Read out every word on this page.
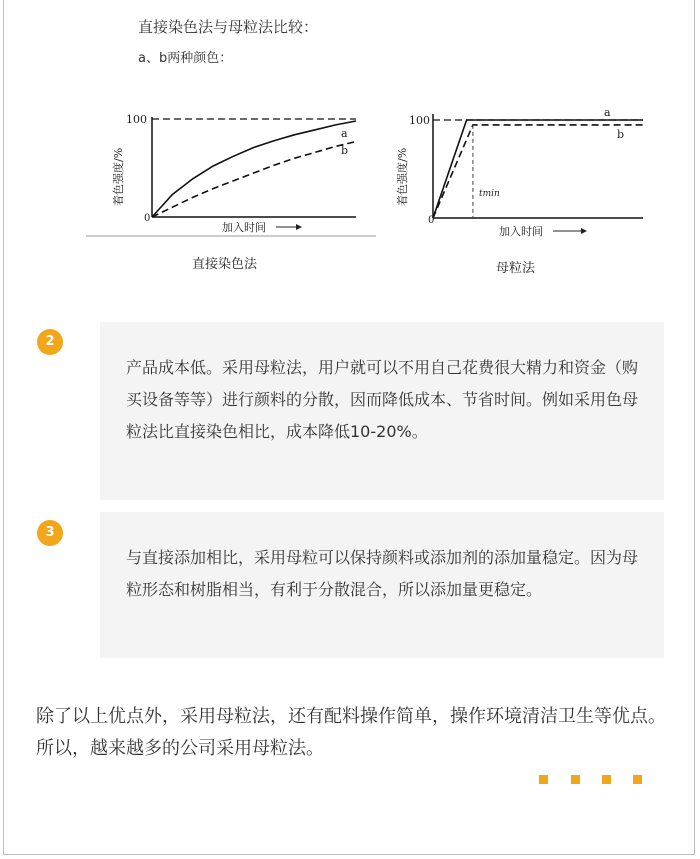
直接染色法与母粒法比较：
a、b两种颜色：
100
0
a
b
加入时间
着色强度/%
直接染色法
100
0
a
b
tmin
加入时间
着色强度/%
母粒法
2
产品成本低。采用母粒法，用户就可以不用自己花费很大精力和资金（购买设备等等）进行颜料的分散，因而降低成本、节省时间。例如采用色母粒法比直接染色相比，成本降低10-20%。
3
与直接添加相比，采用母粒可以保持颜料或添加剂的添加量稳定。因为母粒形态和树脂相当，有利于分散混合，所以添加量更稳定。
除了以上优点外，采用母粒法，还有配料操作简单，操作环境清洁卫生等优点。所以，越来越多的公司采用母粒法。
